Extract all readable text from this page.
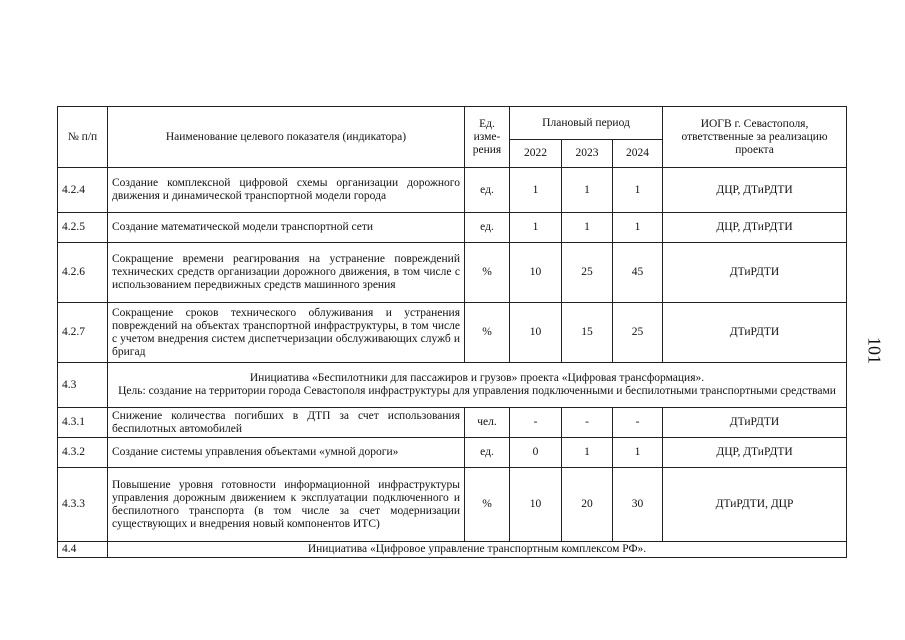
№ п/п	Наименование целевого показателя (индикатора)	Ед. изме-рения	Плановый период			ИОГВ г. Севастополя, ответственные за реализацию проекта
			2022	2023	2024	
4.2.4	Создание комплексной цифровой схемы организации дорожного движения и динамической транспортной модели города	ед.	1	1	1	ДЦР, ДТиРДТИ
4.2.5	Создание математической модели транспортной сети	ед.	1	1	1	ДЦР, ДТиРДТИ
4.2.6	Сокращение времени реагирования на устранение повреждений технических средств организации дорожного движения, в том числе с использованием передвижных средств машинного зрения	%	10	25	45	ДТиРДТИ
4.2.7	Сокращение сроков технического облуживания и устранения повреждений на объектах транспортной инфраструктуры, в том числе с учетом внедрения систем диспетчеризации обслуживающих служб и бригад	%	10	15	25	ДТиРДТИ
4.3	Инициатива «Беспилотники для пассажиров и грузов» проекта «Цифровая трансформация».
Цель: создание на территории города Севастополя инфраструктуры для управления подключенными и беспилотными транспортными средствами					

4.3.1	Снижение количества погибших в ДТП за счет использования беспилотных автомобилей	чел.	-	-	-	ДТиРДТИ
4.3.2	Создание системы управления объектами «умной дороги»	ед.	0	1	1	ДЦР, ДТиРДТИ
4.3.3	Повышение уровня готовности информационной инфраструктуры управления дорожным движением к эксплуатации подключенного и беспилотного транспорта (в том числе за счет модернизации существующих и внедрения новый компонентов ИТС)	%	10	20	30	ДТиРДТИ, ДЦР
4.4	Инициатива «Цифровое управление транспортным комплексом РФ».					
101
